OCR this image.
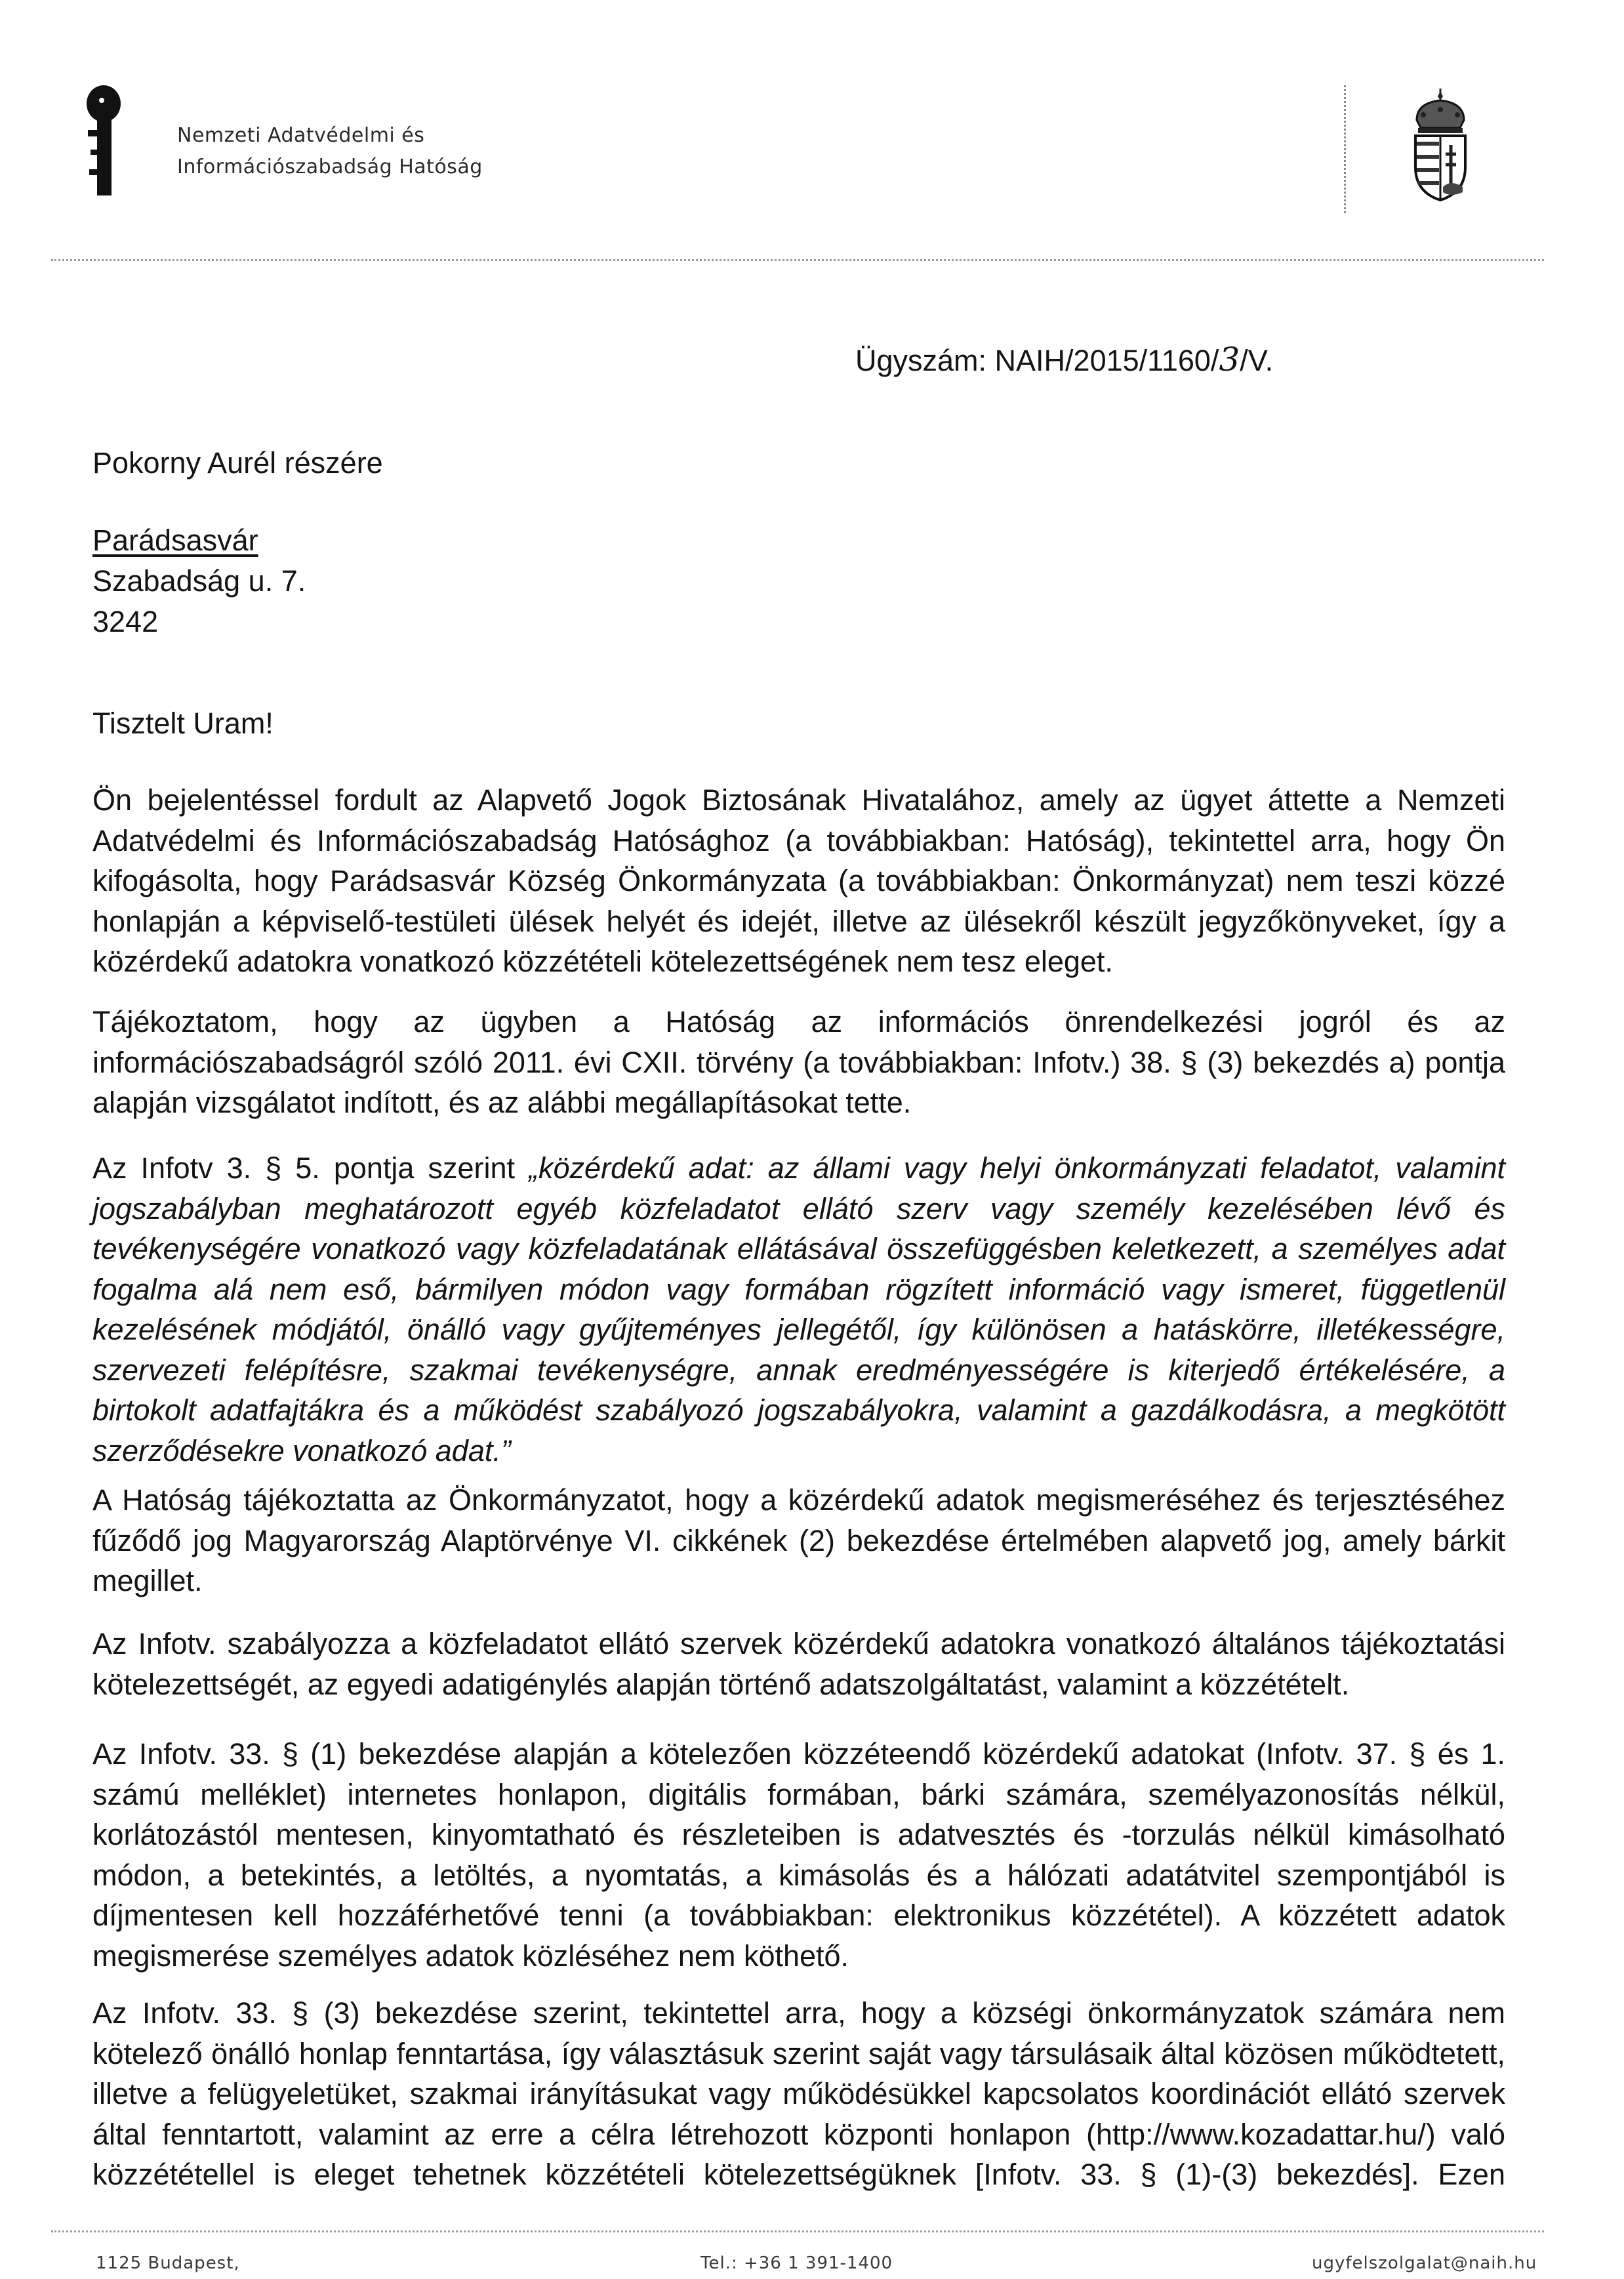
Nemzeti Adatvédelmi és
Információszabadság Hatóság
Ügyszám: NAIH/2015/1160/3/V.
Pokorny Aurél részére
Parádsasvár
Szabadság u. 7.
3242
Tisztelt Uram!
Ön bejelentéssel fordult az Alapvető Jogok Biztosának Hivatalához, amely az ügyet áttette a Nemzeti
Adatvédelmi és Információszabadság Hatósághoz (a továbbiakban: Hatóság), tekintettel arra, hogy Ön
kifogásolta, hogy Parádsasvár Község Önkormányzata (a továbbiakban: Önkormányzat) nem teszi közzé
honlapján a képviselő-testületi ülések helyét és idejét, illetve az ülésekről készült jegyzőkönyveket, így a
közérdekű adatokra vonatkozó közzétételi kötelezettségének nem tesz eleget.
Tájékoztatom, hogy az ügyben a Hatóság az információs önrendelkezési jogról és az
információszabadságról szóló 2011. évi CXII. törvény (a továbbiakban: Infotv.) 38. § (3) bekezdés a) pontja
alapján vizsgálatot indított, és az alábbi megállapításokat tette.
Az Infotv 3. § 5. pontja szerint „közérdekű adat: az állami vagy helyi önkormányzati feladatot, valamint
jogszabályban meghatározott egyéb közfeladatot ellátó szerv vagy személy kezelésében lévő és
tevékenységére vonatkozó vagy közfeladatának ellátásával összefüggésben keletkezett, a személyes adat
fogalma alá nem eső, bármilyen módon vagy formában rögzített információ vagy ismeret, függetlenül
kezelésének módjától, önálló vagy gyűjteményes jellegétől, így különösen a hatáskörre, illetékességre,
szervezeti felépítésre, szakmai tevékenységre, annak eredményességére is kiterjedő értékelésére, a
birtokolt adatfajtákra és a működést szabályozó jogszabályokra, valamint a gazdálkodásra, a megkötött
szerződésekre vonatkozó adat.”
A Hatóság tájékoztatta az Önkormányzatot, hogy a közérdekű adatok megismeréséhez és terjesztéséhez
fűződő jog Magyarország Alaptörvénye VI. cikkének (2) bekezdése értelmében alapvető jog, amely bárkit
megillet.
Az Infotv. szabályozza a közfeladatot ellátó szervek közérdekű adatokra vonatkozó általános tájékoztatási
kötelezettségét, az egyedi adatigénylés alapján történő adatszolgáltatást, valamint a közzétételt.
Az Infotv. 33. § (1) bekezdése alapján a kötelezően közzéteendő közérdekű adatokat (Infotv. 37. § és 1.
számú melléklet) internetes honlapon, digitális formában, bárki számára, személyazonosítás nélkül,
korlátozástól mentesen, kinyomtatható és részleteiben is adatvesztés és -torzulás nélkül kimásolható
módon, a betekintés, a letöltés, a nyomtatás, a kimásolás és a hálózati adatátvitel szempontjából is
díjmentesen kell hozzáférhetővé tenni (a továbbiakban: elektronikus közzététel). A közzétett adatok
megismerése személyes adatok közléséhez nem köthető.
Az Infotv. 33. § (3) bekezdése szerint, tekintettel arra, hogy a községi önkormányzatok számára nem
kötelező önálló honlap fenntartása, így választásuk szerint saját vagy társulásaik által közösen működtetett,
illetve a felügyeletüket, szakmai irányításukat vagy működésükkel kapcsolatos koordinációt ellátó szervek
által fenntartott, valamint az erre a célra létrehozott központi honlapon (http://www.kozadattar.hu/) való
közzététellel is eleget tehetnek közzétételi kötelezettségüknek [Infotv. 33. § (1)-(3) bekezdés]. Ezen
1125 Budapest,	Tel.: +36 1 391-1400	ugyfelszolgalat@naih.hu
